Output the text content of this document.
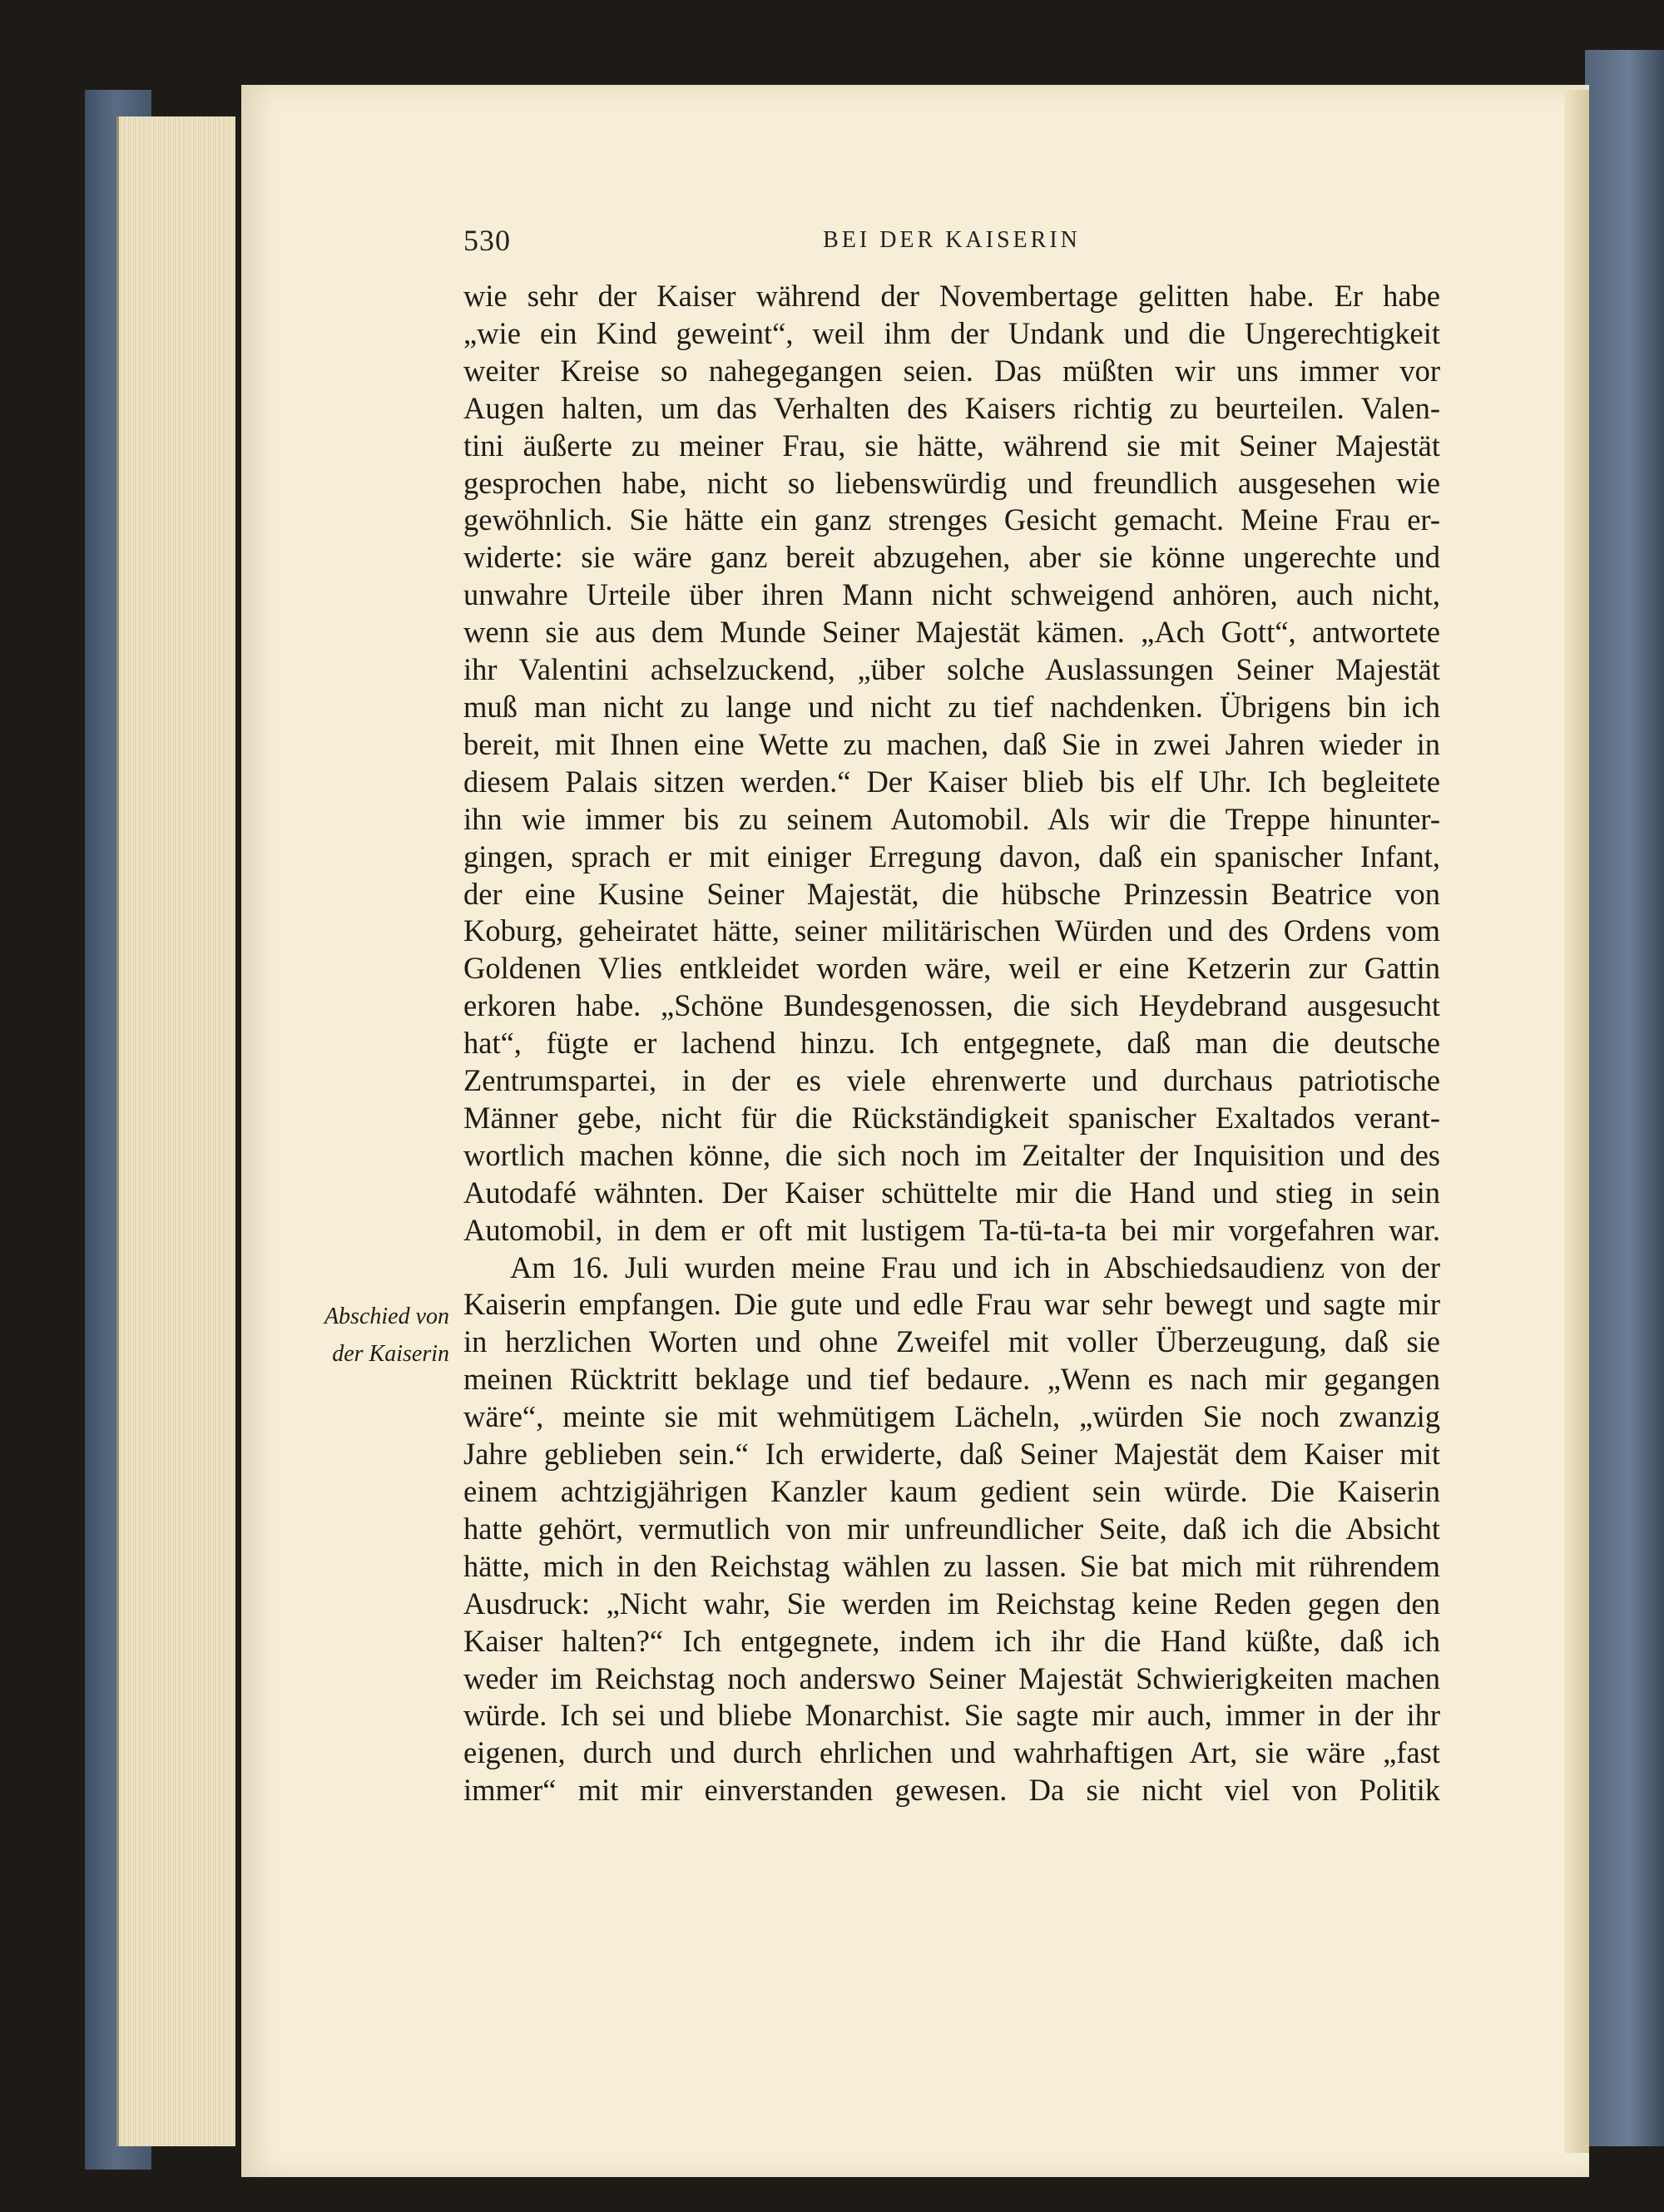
530	BEI DER KAISERIN
Abschied von
der Kaiserin
wie sehr der Kaiser während der Novembertage gelitten habe. Er habe
„wie ein Kind geweint“, weil ihm der Undank und die Ungerechtigkeit
weiter Kreise so nahegegangen seien. Das müßten wir uns immer vor
Augen halten, um das Verhalten des Kaisers richtig zu beurteilen. Valen-
tini äußerte zu meiner Frau, sie hätte, während sie mit Seiner Majestät
gesprochen habe, nicht so liebenswürdig und freundlich ausgesehen wie
gewöhnlich. Sie hätte ein ganz strenges Gesicht gemacht. Meine Frau er-
widerte: sie wäre ganz bereit abzugehen, aber sie könne ungerechte und
unwahre Urteile über ihren Mann nicht schweigend anhören, auch nicht,
wenn sie aus dem Munde Seiner Majestät kämen. „Ach Gott“, antwortete
ihr Valentini achselzuckend, „über solche Auslassungen Seiner Majestät
muß man nicht zu lange und nicht zu tief nachdenken. Übrigens bin ich
bereit, mit Ihnen eine Wette zu machen, daß Sie in zwei Jahren wieder in
diesem Palais sitzen werden.“ Der Kaiser blieb bis elf Uhr. Ich begleitete
ihn wie immer bis zu seinem Automobil. Als wir die Treppe hinunter-
gingen, sprach er mit einiger Erregung davon, daß ein spanischer Infant,
der eine Kusine Seiner Majestät, die hübsche Prinzessin Beatrice von
Koburg, geheiratet hätte, seiner militärischen Würden und des Ordens vom
Goldenen Vlies entkleidet worden wäre, weil er eine Ketzerin zur Gattin
erkoren habe. „Schöne Bundesgenossen, die sich Heydebrand ausgesucht
hat“, fügte er lachend hinzu. Ich entgegnete, daß man die deutsche
Zentrumspartei, in der es viele ehrenwerte und durchaus patriotische
Männer gebe, nicht für die Rückständigkeit spanischer Exaltados verant-
wortlich machen könne, die sich noch im Zeitalter der Inquisition und des
Autodafé wähnten. Der Kaiser schüttelte mir die Hand und stieg in sein
Automobil, in dem er oft mit lustigem Ta-tü-ta-ta bei mir vorgefahren war.
Am 16. Juli wurden meine Frau und ich in Abschiedsaudienz von der
Kaiserin empfangen. Die gute und edle Frau war sehr bewegt und sagte mir
in herzlichen Worten und ohne Zweifel mit voller Überzeugung, daß sie
meinen Rücktritt beklage und tief bedaure. „Wenn es nach mir gegangen
wäre“, meinte sie mit wehmütigem Lächeln, „würden Sie noch zwanzig
Jahre geblieben sein.“ Ich erwiderte, daß Seiner Majestät dem Kaiser mit
einem achtzigjährigen Kanzler kaum gedient sein würde. Die Kaiserin
hatte gehört, vermutlich von mir unfreundlicher Seite, daß ich die Absicht
hätte, mich in den Reichstag wählen zu lassen. Sie bat mich mit rührendem
Ausdruck: „Nicht wahr, Sie werden im Reichstag keine Reden gegen den
Kaiser halten?“ Ich entgegnete, indem ich ihr die Hand küßte, daß ich
weder im Reichstag noch anderswo Seiner Majestät Schwierigkeiten machen
würde. Ich sei und bliebe Monarchist. Sie sagte mir auch, immer in der ihr
eigenen, durch und durch ehrlichen und wahrhaftigen Art, sie wäre „fast
immer“ mit mir einverstanden gewesen. Da sie nicht viel von Politik
